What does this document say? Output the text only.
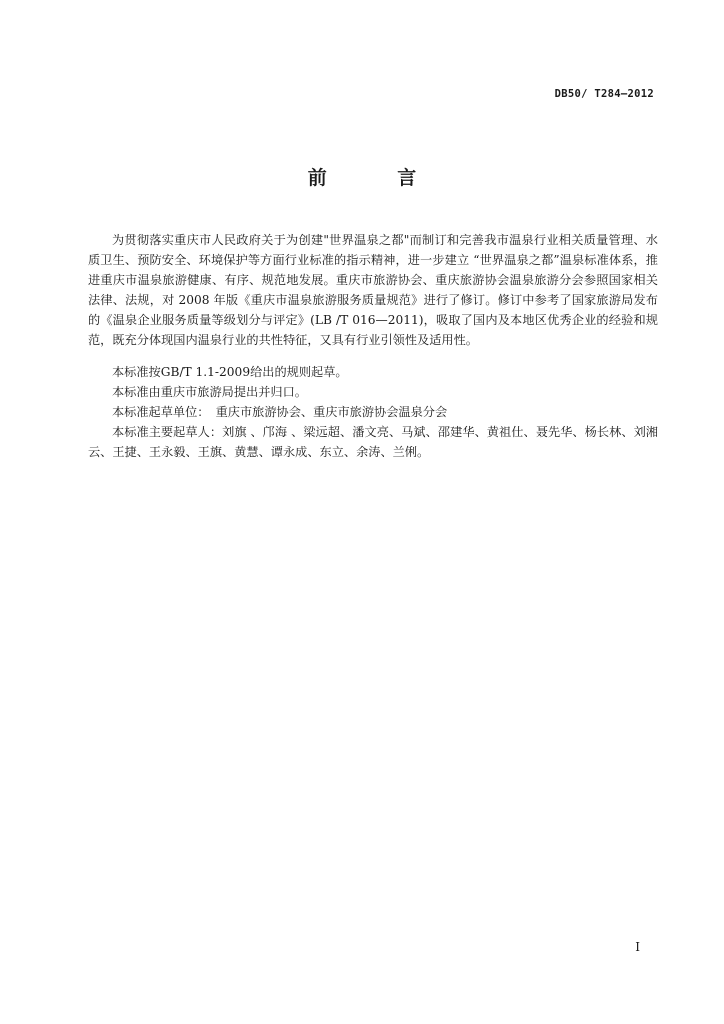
DB50/ T284—2012
前 言
为贯彻落实重庆市人民政府关于为创建"世界温泉之都"而制订和完善我市温泉行业相关质量管理、水质卫生、预防安全、环境保护等方面行业标准的指示精神，进一步建立 “世界温泉之都”温泉标准体系，推进重庆市温泉旅游健康、有序、规范地发展。重庆市旅游协会、重庆旅游协会温泉旅游分会参照国家相关法律、法规，对 2008 年版《重庆市温泉旅游服务质量规范》进行了修订。修订中参考了国家旅游局发布的《温泉企业服务质量等级划分与评定》(LB /T 016—2011)，吸取了国内及本地区优秀企业的经验和规范，既充分体现国内温泉行业的共性特征，又具有行业引领性及适用性。

本标准按GB/T 1.1-2009给出的规则起草。

本标准由重庆市旅游局提出并归口。

本标准起草单位：　重庆市旅游协会、重庆市旅游协会温泉分会

本标准主要起草人：刘旗 、邝海 、梁远超、潘文亮、马斌、邵建华、黄祖仕、聂先华、杨长林、刘湘云、王捷、王永毅、王旗、黄慧、谭永成、东立、余涛、兰俐。

I
